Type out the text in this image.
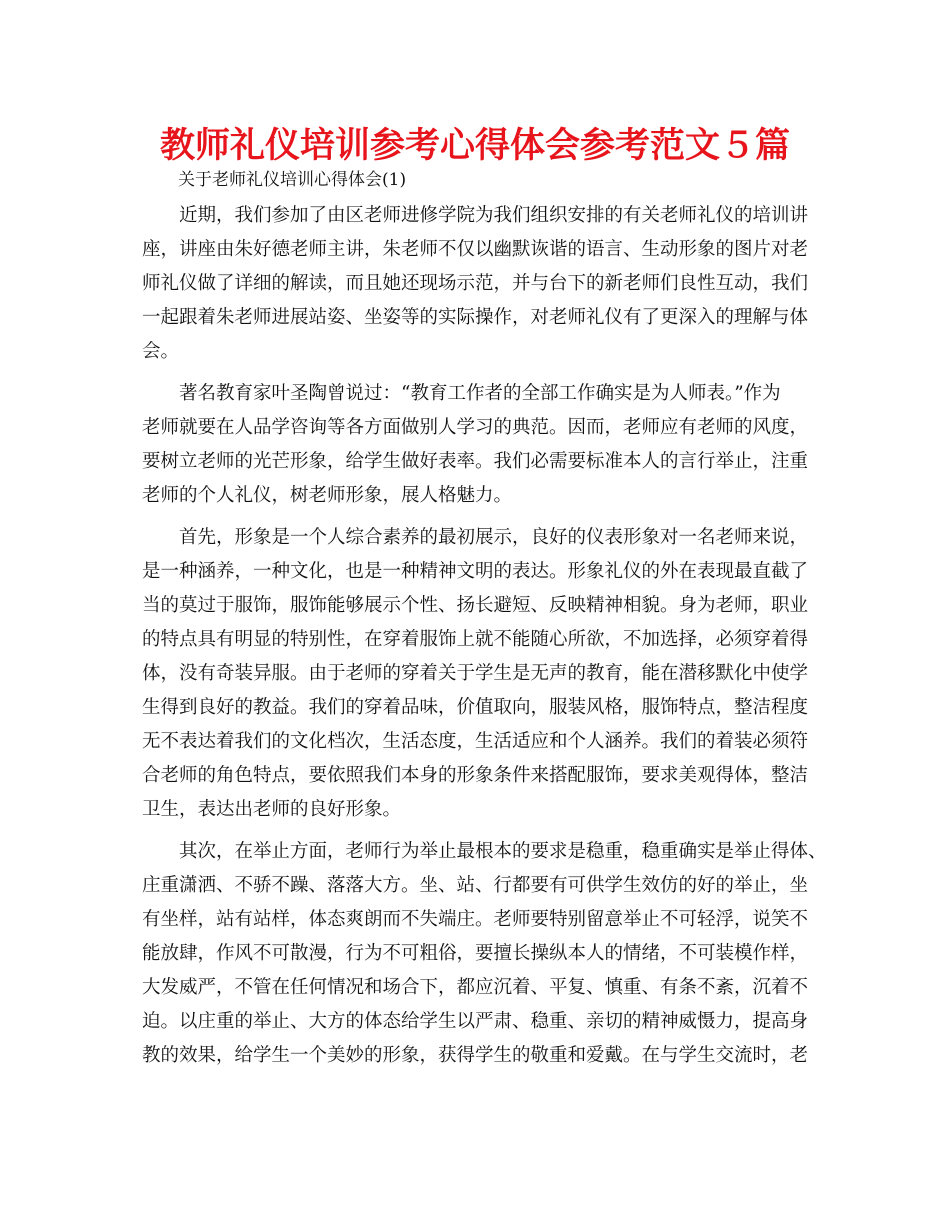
教师礼仪培训参考心得体会参考范文５篇
关于老师礼仪培训心得体会(1)
近期，我们参加了由区老师进修学院为我们组织安排的有关老师礼仪的培训讲
座，讲座由朱好德老师主讲，朱老师不仅以幽默诙谐的语言、生动形象的图片对老
师礼仪做了详细的解读，而且她还现场示范，并与台下的新老师们良性互动，我们
一起跟着朱老师进展站姿、坐姿等的实际操作，对老师礼仪有了更深入的理解与体
会。
著名教育家叶圣陶曾说过：“教育工作者的全部工作确实是为人师表。”作为
老师就要在人品学咨询等各方面做别人学习的典范。因而，老师应有老师的风度，
要树立老师的光芒形象，给学生做好表率。我们必需要标准本人的言行举止，注重
老师的个人礼仪，树老师形象，展人格魅力。
首先，形象是一个人综合素养的最初展示，良好的仪表形象对一名老师来说，
是一种涵养，一种文化，也是一种精神文明的表达。形象礼仪的外在表现最直截了
当的莫过于服饰，服饰能够展示个性、扬长避短、反映精神相貌。身为老师，职业
的特点具有明显的特别性，在穿着服饰上就不能随心所欲，不加选择，必须穿着得
体，没有奇装异服。由于老师的穿着关于学生是无声的教育，能在潜移默化中使学
生得到良好的教益。我们的穿着品味，价值取向，服装风格，服饰特点，整洁程度
无不表达着我们的文化档次，生活态度，生活适应和个人涵养。我们的着装必须符
合老师的角色特点，要依照我们本身的形象条件来搭配服饰，要求美观得体，整洁
卫生，表达出老师的良好形象。
其次，在举止方面，老师行为举止最根本的要求是稳重，稳重确实是举止得体、
庄重潇洒、不骄不躁、落落大方。坐、站、行都要有可供学生效仿的好的举止，坐
有坐样，站有站样，体态爽朗而不失端庄。老师要特别留意举止不可轻浮，说笑不
能放肆，作风不可散漫，行为不可粗俗，要擅长操纵本人的情绪，不可装模作样，
大发威严，不管在任何情况和场合下，都应沉着、平复、慎重、有条不紊，沉着不
迫。以庄重的举止、大方的体态给学生以严肃、稳重、亲切的精神威慑力，提高身
教的效果，给学生一个美妙的形象，获得学生的敬重和爱戴。在与学生交流时，老
